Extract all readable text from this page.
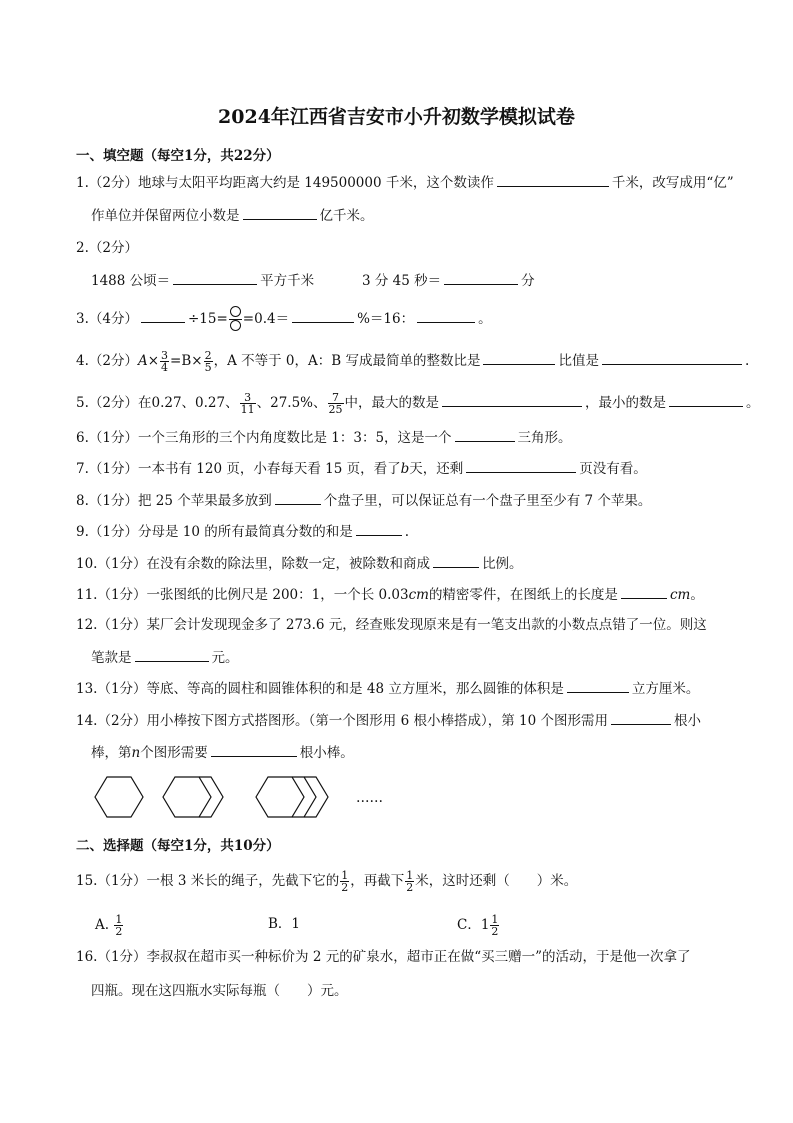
2024年江西省吉安市小升初数学模拟试卷
一、填空题（每空1分，共22分）
1.（2分）地球与太阳平均距离大约是 149500000 千米，这个数读作	千米，改写成用“亿”
作单位并保留两位小数是	亿千米。
2.（2分）
1488 公顷＝	平方千米	3 分 45 秒＝	分
3.（4分）	÷15= =0.4＝	%＝16：	。
4.（2分）$A\times \frac{3}{4} =B\times \frac{2}{5}$ ，A 不等于 0，A：B 写成最简单的整数比是	比值是	.
5.（2分）在0.27、0.27、 $\frac{3}{11}$ 、27.5%、 $\frac{7}{25}$ 中，最大的数是	，最小的数是	。
6.（1分）一个三角形的三个内角度数比是 1：3：5，这是一个	三角形。
7.（1分）一本书有 120 页，小春每天看 15 页，看了b天，还剩	页没有看。
8.（1分）把 25 个苹果最多放到	个盘子里，可以保证总有一个盘子里至少有 7 个苹果。
9.（1分）分母是 10 的所有最简真分数的和是	.
10.（1分）在没有余数的除法里，除数一定，被除数和商成	比例。
11.（1分）一张图纸的比例尺是 200：1，一个长 0.03cm的精密零件，在图纸上的长度是	cm。
12.（1分）某厂会计发现现金多了 273.6 元，经查账发现原来是有一笔支出款的小数点点错了一位。则这
笔款是	元。
13.（1分）等底、等高的圆柱和圆锥体积的和是 48 立方厘米，那么圆锥的体积是	立方厘米。
14.（2分）用小棒按下图方式搭图形。（第一个图形用 6 根小棒搭成），第 10 个图形需用	根小
棒，第n个图形需要	根小棒。
……
二、选择题（每空1分，共10分）
15.（1分）一根 3 米长的绳子，先截下它的 $\frac{1}{2}$ ，再截下 $\frac{1}{2}$ 米，这时还剩（　　）米。
A. $\frac{1}{2}$	B．1	C．$1 \frac{1}{2}$
16.（1分）李叔叔在超市买一种标价为 2 元的矿泉水，超市正在做“买三赠一”的活动，于是他一次拿了
四瓶。现在这四瓶水实际每瓶（　　）元。
